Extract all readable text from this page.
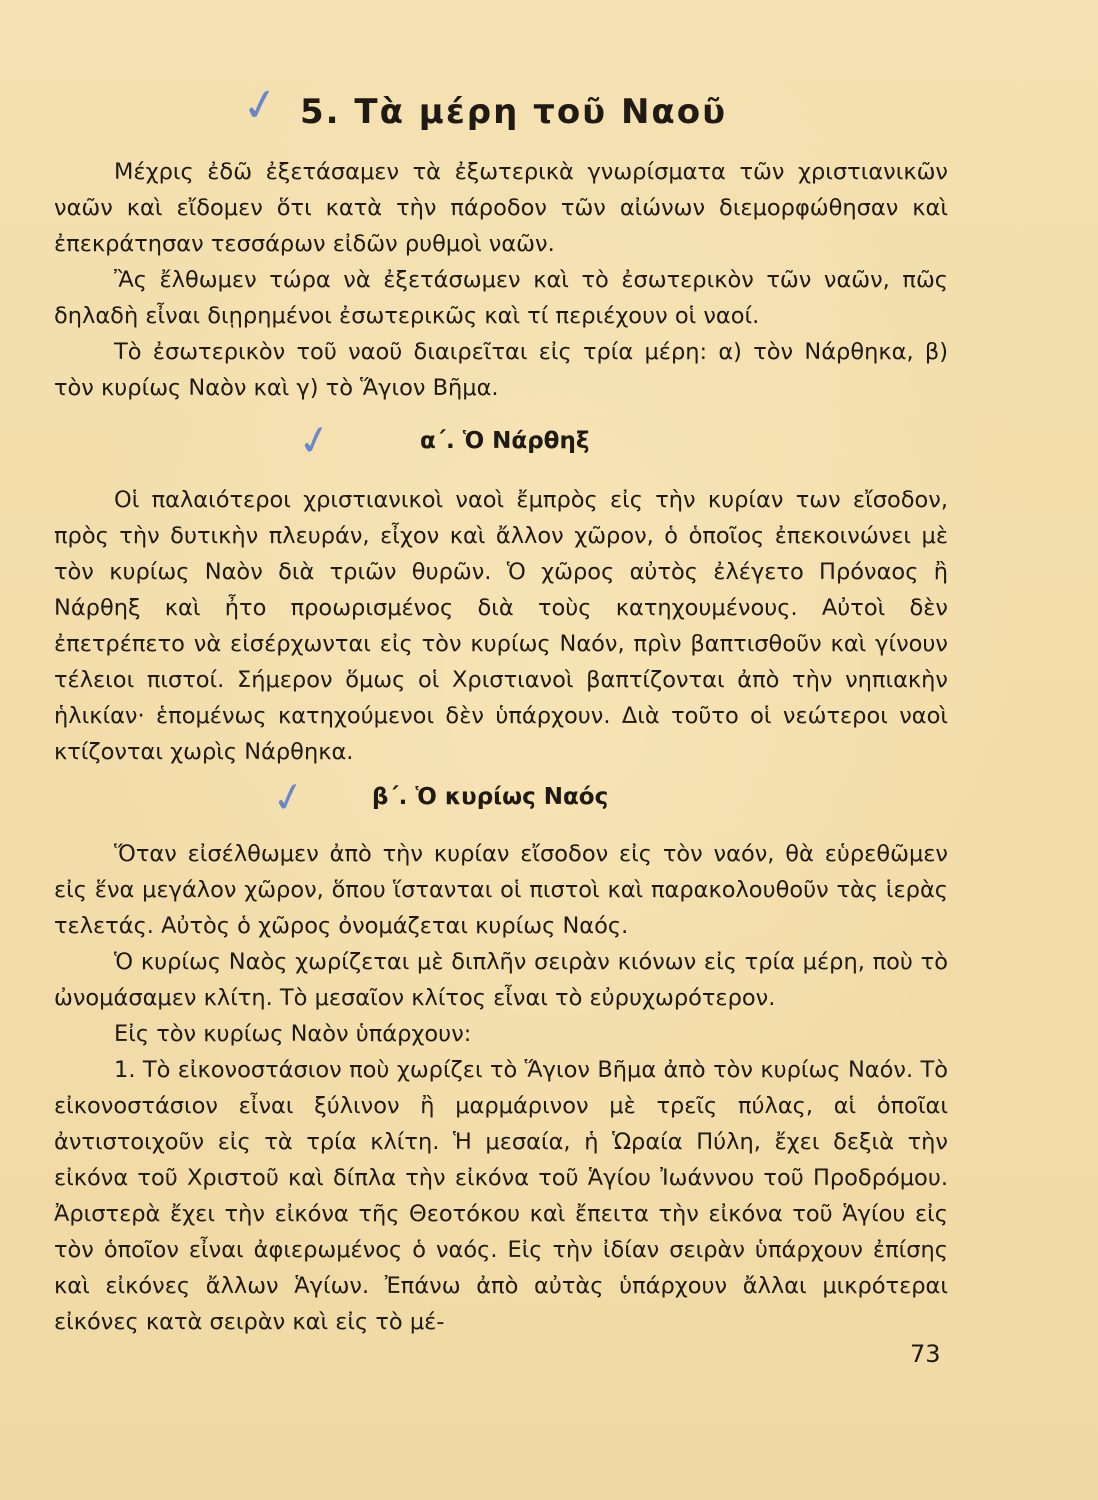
✓ 5. Τὰ μέρη τοῦ Ναοῦ

Μέχρις ἐδῶ ἐξετάσαμεν τὰ ἐξωτερικὰ γνωρίσματα τῶν χριστιανικῶν ναῶν καὶ εἴδομεν ὅτι κατὰ τὴν πάροδον τῶν αἰώνων διεμορφώθησαν καὶ ἐπεκράτησαν τεσσάρων εἰδῶν ρυθμοὶ ναῶν.

Ἂς ἔλθωμεν τώρα νὰ ἐξετάσωμεν καὶ τὸ ἐσωτερικὸν τῶν ναῶν, πῶς δηλαδὴ εἶναι διῃρημένοι ἐσωτερικῶς καὶ τί περιέχουν οἱ ναοί.

Τὸ ἐσωτερικὸν τοῦ ναοῦ διαιρεῖται εἰς τρία μέρη: α) τὸν Νάρθηκα, β) τὸν κυρίως Ναὸν καὶ γ) τὸ Ἅγιον Βῆμα.

✓	α΄. Ὁ Νάρθηξ

Οἱ παλαιότεροι χριστιανικοὶ ναοὶ ἔμπρὸς εἰς τὴν κυρίαν των εἴσοδον, πρὸς τὴν δυτικὴν πλευράν, εἶχον καὶ ἄλλον χῶρον, ὁ ὁποῖος ἐπεκοινώνει μὲ τὸν κυρίως Ναὸν διὰ τριῶν θυρῶν. Ὁ χῶρος αὐτὸς ἐλέγετο Πρόναος ἢ Νάρθηξ καὶ ἦτο προωρισμένος διὰ τοὺς κατηχουμένους. Αὐτοὶ δὲν ἐπετρέπετο νὰ εἰσέρχωνται εἰς τὸν κυρίως Ναόν, πρὶν βαπτισθοῦν καὶ γίνουν τέλειοι πιστοί. Σήμερον ὅμως οἱ Χριστιανοὶ βαπτίζονται ἀπὸ τὴν νηπιακὴν ἡλικίαν· ἑπομένως κατηχούμενοι δὲν ὑπάρχουν. Διὰ τοῦτο οἱ νεώτεροι ναοὶ κτίζονται χωρὶς Νάρθηκα.

✓	β΄. Ὁ κυρίως Ναός

Ὅταν εἰσέλθωμεν ἀπὸ τὴν κυρίαν εἴσοδον εἰς τὸν ναόν, θὰ εὑρεθῶμεν εἰς ἕνα μεγάλον χῶρον, ὅπου ἵστανται οἱ πιστοὶ καὶ παρακολουθοῦν τὰς ἱερὰς τελετάς. Αὐτὸς ὁ χῶρος ὀνομάζεται κυρίως Ναός.

Ὁ κυρίως Ναὸς χωρίζεται μὲ διπλῆν σειρὰν κιόνων εἰς τρία μέρη, ποὺ τὸ ὠνομάσαμεν κλίτη. Τὸ μεσαῖον κλίτος εἶναι τὸ εὐρυχωρότερον.

Εἰς τὸν κυρίως Ναὸν ὑπάρχουν:

1. Τὸ εἰκονοστάσιον ποὺ χωρίζει τὸ Ἅγιον Βῆμα ἀπὸ τὸν κυρίως Ναόν. Τὸ εἰκονοστάσιον εἶναι ξύλινον ἢ μαρμάρινον μὲ τρεῖς πύλας, αἱ ὁποῖαι ἀντιστοιχοῦν εἰς τὰ τρία κλίτη. Ἡ μεσαία, ἡ Ὡραία Πύλη, ἔχει δεξιὰ τὴν εἰκόνα τοῦ Χριστοῦ καὶ δίπλα τὴν εἰκόνα τοῦ Ἁγίου Ἰωάννου τοῦ Προδρόμου. Ἀριστερὰ ἔχει τὴν εἰκόνα τῆς Θεοτόκου καὶ ἔπειτα τὴν εἰκόνα τοῦ Ἁγίου εἰς τὸν ὁποῖον εἶναι ἀφιερωμένος ὁ ναός. Εἰς τὴν ἰδίαν σειρὰν ὑπάρχουν ἐπίσης καὶ εἰκόνες ἄλλων Ἁγίων. Ἐπάνω ἀπὸ αὐτὰς ὑπάρχουν ἄλλαι μικρότεραι εἰκόνες κατὰ σειρὰν καὶ εἰς τὸ μέ-

73
